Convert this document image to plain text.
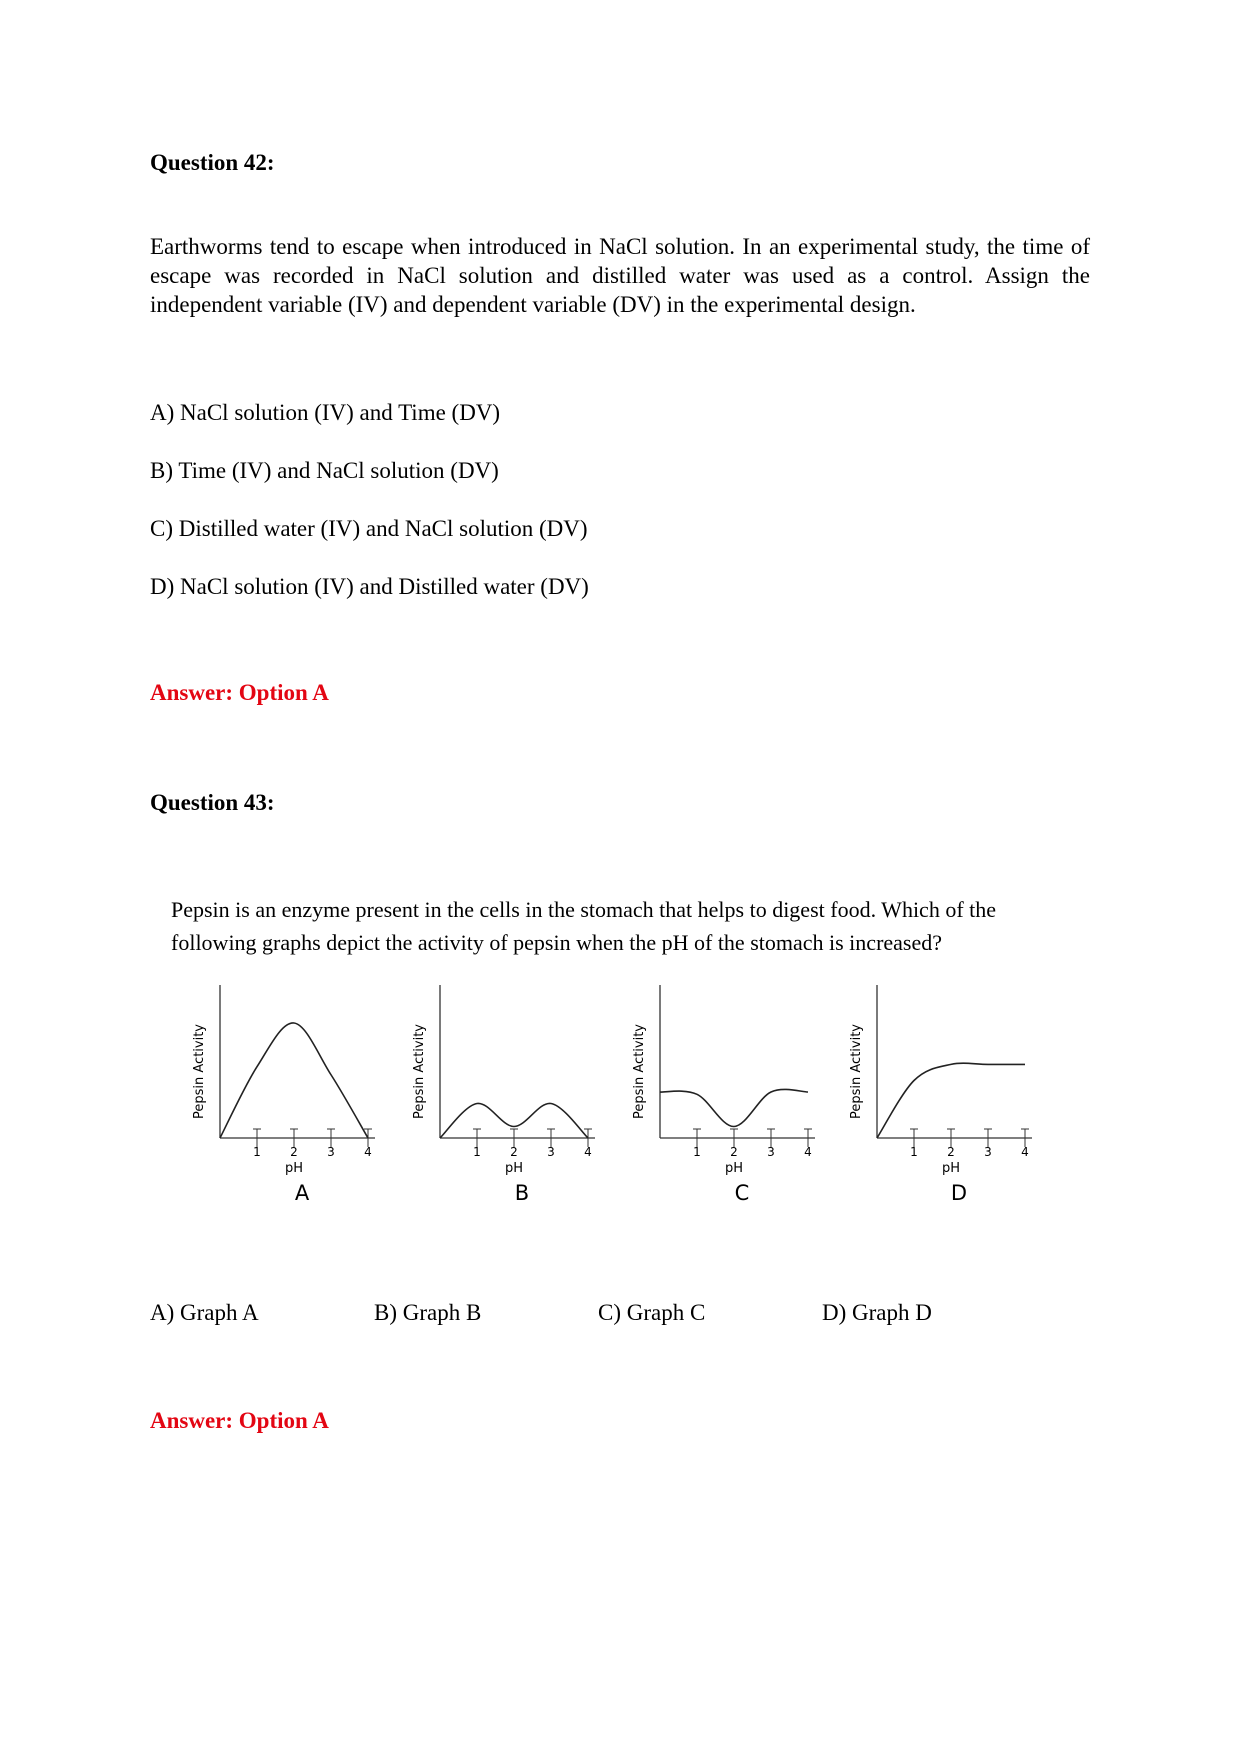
Question 42:
Earthworms tend to escape when introduced in NaCl solution. In an experimental study, the time of escape was recorded in NaCl solution and distilled water was used as a control. Assign the independent variable (IV) and dependent variable (DV) in the experimental design.
A) NaCl solution (IV) and Time (DV)
B) Time (IV) and NaCl solution (DV)
C) Distilled water (IV) and NaCl solution (DV)
D) NaCl solution (IV) and Distilled water (DV)
Answer: Option A
Question 43:
Pepsin is an enzyme present in the cells in the stomach that helps to digest food. Which of the following graphs depict the activity of pepsin when the pH of the stomach is increased?
Pepsin Activity
1 2 3 4
pH
A
Pepsin Activity
1 2 3 4
pH
B
Pepsin Activity
1 2 3 4
pH
C
Pepsin Activity
1 2 3 4
pH
D
A) Graph A	B) Graph B	C) Graph C	D) Graph D
Answer: Option A
